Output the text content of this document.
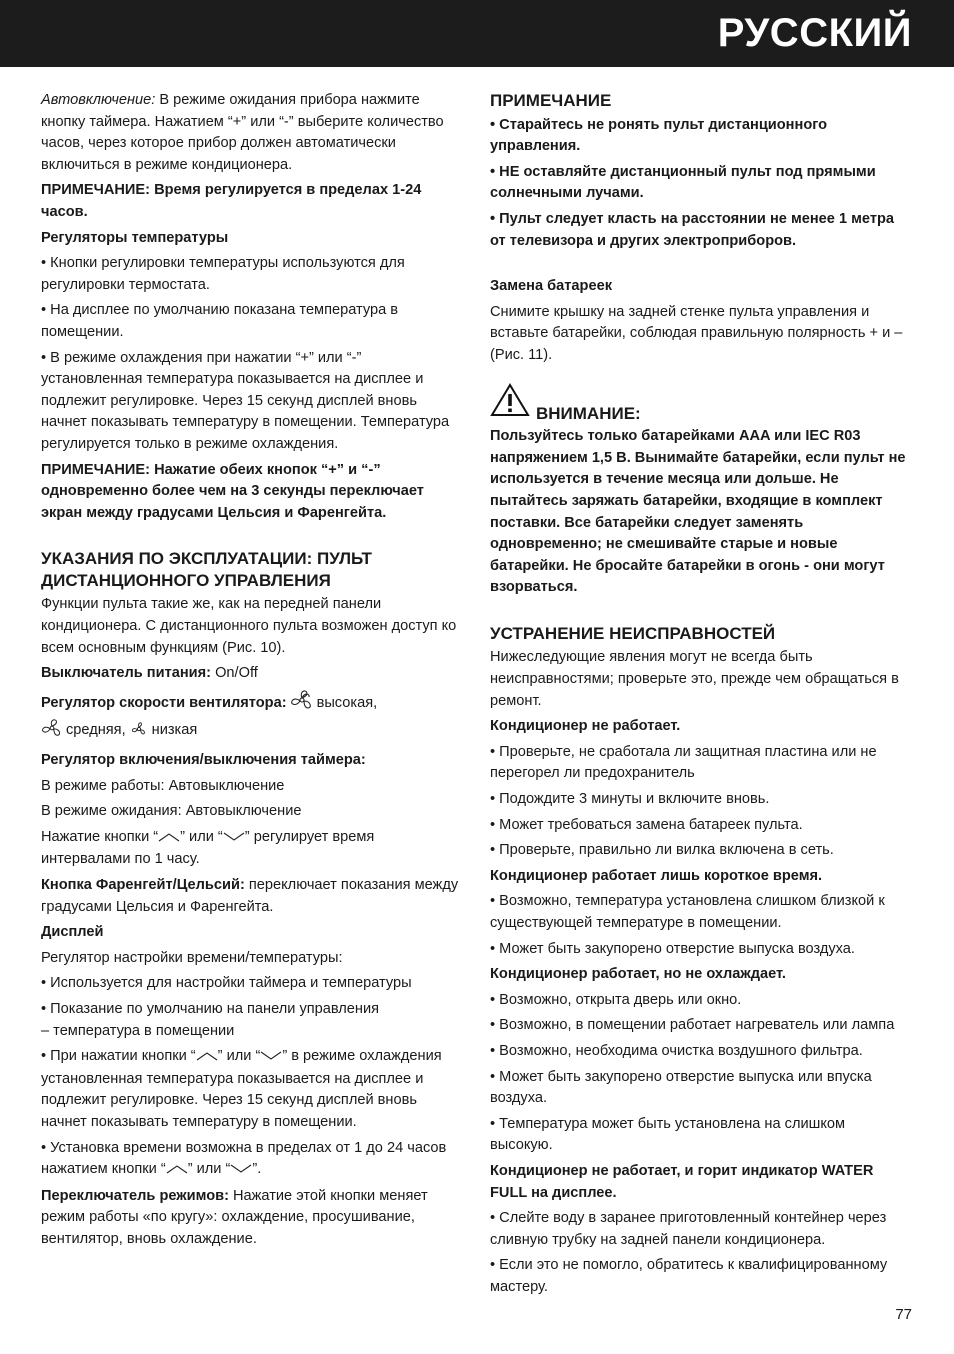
РУССКИЙ

Автовключение: В режиме ожидания прибора нажмите кнопку таймера. Нажатием “+” или “-” выберите количество часов, через которое прибор должен автоматически включиться в режиме кондиционера.

ПРИМЕЧАНИЕ: Время регулируется в пределах 1-24 часов.

Регуляторы температуры

• Кнопки регулировки температуры используются для регулировки термостата.

• На дисплее по умолчанию показана температура в помещении.

• В режиме охлаждения при нажатии “+” или “-” установленная температура показывается на дисплее и подлежит регулировке. Через 15 секунд дисплей вновь начнет показывать температуру в помещении. Температура регулируется только в режиме охлаждения.

ПРИМЕЧАНИЕ: Нажатие обеих кнопок “+” и “-” одновременно более чем на 3 секунды переключает экран между градусами Цельсия и Фаренгейта.

УКАЗАНИЯ ПО ЭКСПЛУАТАЦИИ: ПУЛЬТ ДИСТАНЦИОННОГО УПРАВЛЕНИЯ

Функции пульта такие же, как на передней панели кондиционера. С дистанционного пульта возможен доступ ко всем основным функциям (Рис. 10).

Выключатель питания: On/Off

Регулятор скорости вентилятора: высокая,
средняя, низкая

Регулятор включения/выключения таймера:

В режиме работы: Автовыключение

В режиме ожидания: Автовыключение

Нажатие кнопки “ ” или “ ” регулирует время интервалами по 1 часу.

Кнопка Фаренгейт/Цельсий: переключает показания между градусами Цельсия и Фаренгейта.

Дисплей

Регулятор настройки времени/температуры:

• Используется для настройки таймера и температуры

• Показание по умолчанию на панели управления
– температура в помещении

• При нажатии кнопки “ ” или “ ” в режиме охлаждения установленная температура показывается на дисплее и подлежит регулировке. Через 15 секунд дисплей вновь начнет показывать температуру в помещении.

• Установка времени возможна в пределах от 1 до 24 часов нажатием кнопки “ ” или “ ”.

Переключатель режимов: Нажатие этой кнопки меняет режим работы «по кругу»: охлаждение, просушивание, вентилятор, вновь охлаждение.

ПРИМЕЧАНИЕ

• Старайтесь не ронять пульт дистанционного управления.

• НЕ оставляйте дистанционный пульт под прямыми солнечными лучами.

• Пульт следует класть на расстоянии не менее 1 метра от телевизора и других электроприборов.

Замена батареек

Снимите крышку на задней стенке пульта управления и вставьте батарейки, соблюдая правильную полярность + и – (Рис. 11).

ВНИМАНИЕ:

Пользуйтесь только батарейками AAA или IEC R03 напряжением 1,5 В. Вынимайте батарейки, если пульт не используется в течение месяца или дольше. Не пытайтесь заряжать батарейки, входящие в комплект поставки. Все батарейки следует заменять одновременно; не смешивайте старые и новые батарейки. Не бросайте батарейки в огонь - они могут взорваться.

УСТРАНЕНИЕ НЕИСПРАВНОСТЕЙ

Нижеследующие явления могут не всегда быть неисправностями; проверьте это, прежде чем обращаться в ремонт.

Кондиционер не работает.

• Проверьте, не сработала ли защитная пластина или не перегорел ли предохранитель

• Подождите 3 минуты и включите вновь.

• Может требоваться замена батареек пульта.

• Проверьте, правильно ли вилка включена в сеть.

Кондиционер работает лишь короткое время.

• Возможно, температура установлена слишком близкой к существующей температуре в помещении.

• Может быть закупорено отверстие выпуска воздуха.

Кондиционер работает, но не охлаждает.

• Возможно, открыта дверь или окно.

• Возможно, в помещении работает нагреватель или лампа

• Возможно, необходима очистка воздушного фильтра.

• Может быть закупорено отверстие выпуска или впуска воздуха.

• Температура может быть установлена на слишком высокую.

Кондиционер не работает, и горит индикатор WATER FULL на дисплее.

• Слейте воду в заранее приготовленный контейнер через сливную трубку на задней панели кондиционера.

• Если это не помогло, обратитесь к квалифицированному мастеру.

77
